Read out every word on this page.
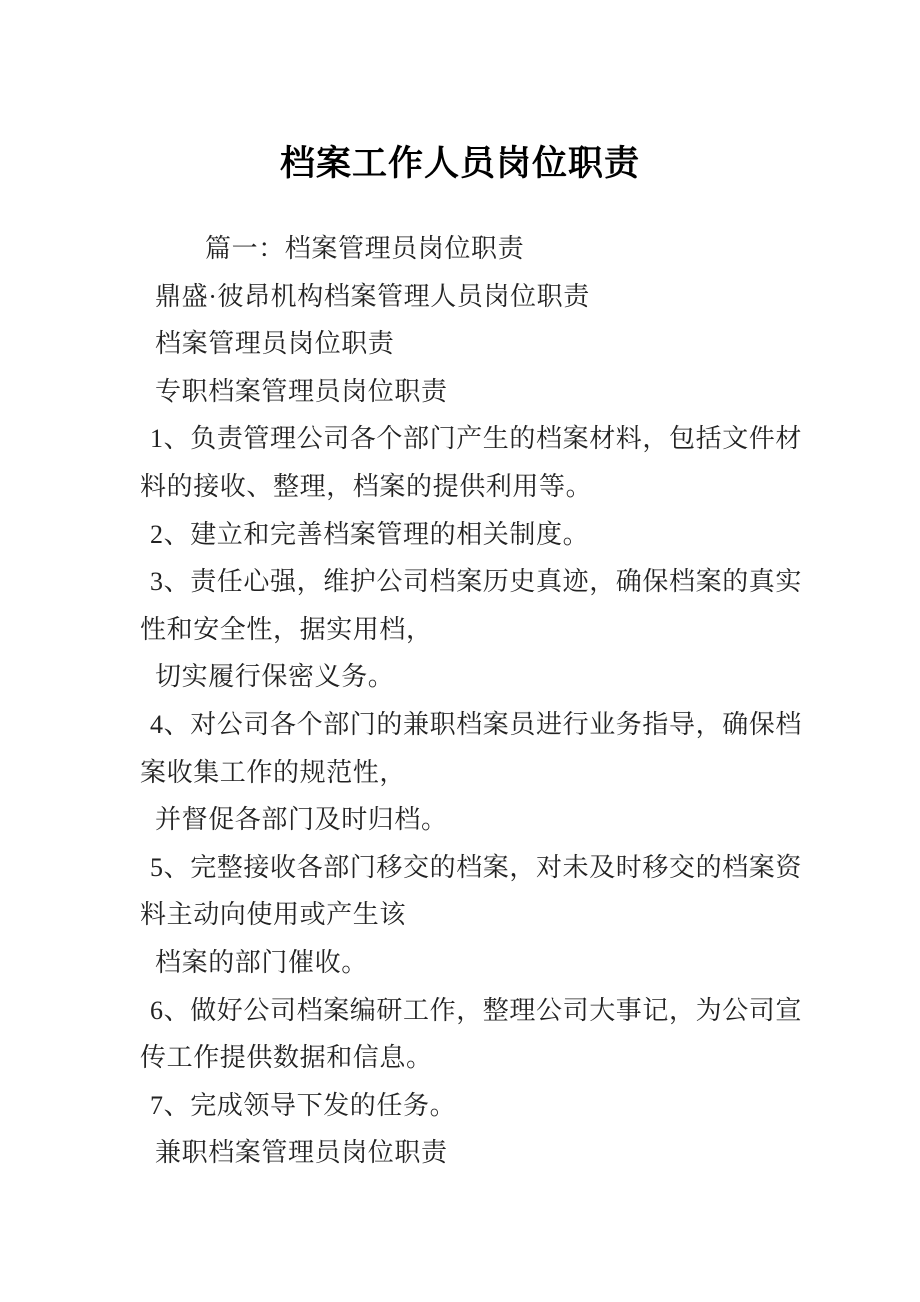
档案工作人员岗位职责
篇一：档案管理员岗位职责
鼎盛·彼昂机构档案管理人员岗位职责
档案管理员岗位职责
专职档案管理员岗位职责
1、负责管理公司各个部门产生的档案材料，包括文件材
料的接收、整理，档案的提供利用等。
2、建立和完善档案管理的相关制度。
3、责任心强，维护公司档案历史真迹，确保档案的真实
性和安全性，据实用档，
切实履行保密义务。
4、对公司各个部门的兼职档案员进行业务指导，确保档
案收集工作的规范性，
并督促各部门及时归档。
5、完整接收各部门移交的档案，对未及时移交的档案资
料主动向使用或产生该
档案的部门催收。
6、做好公司档案编研工作，整理公司大事记，为公司宣
传工作提供数据和信息。
7、完成领导下发的任务。
兼职档案管理员岗位职责
